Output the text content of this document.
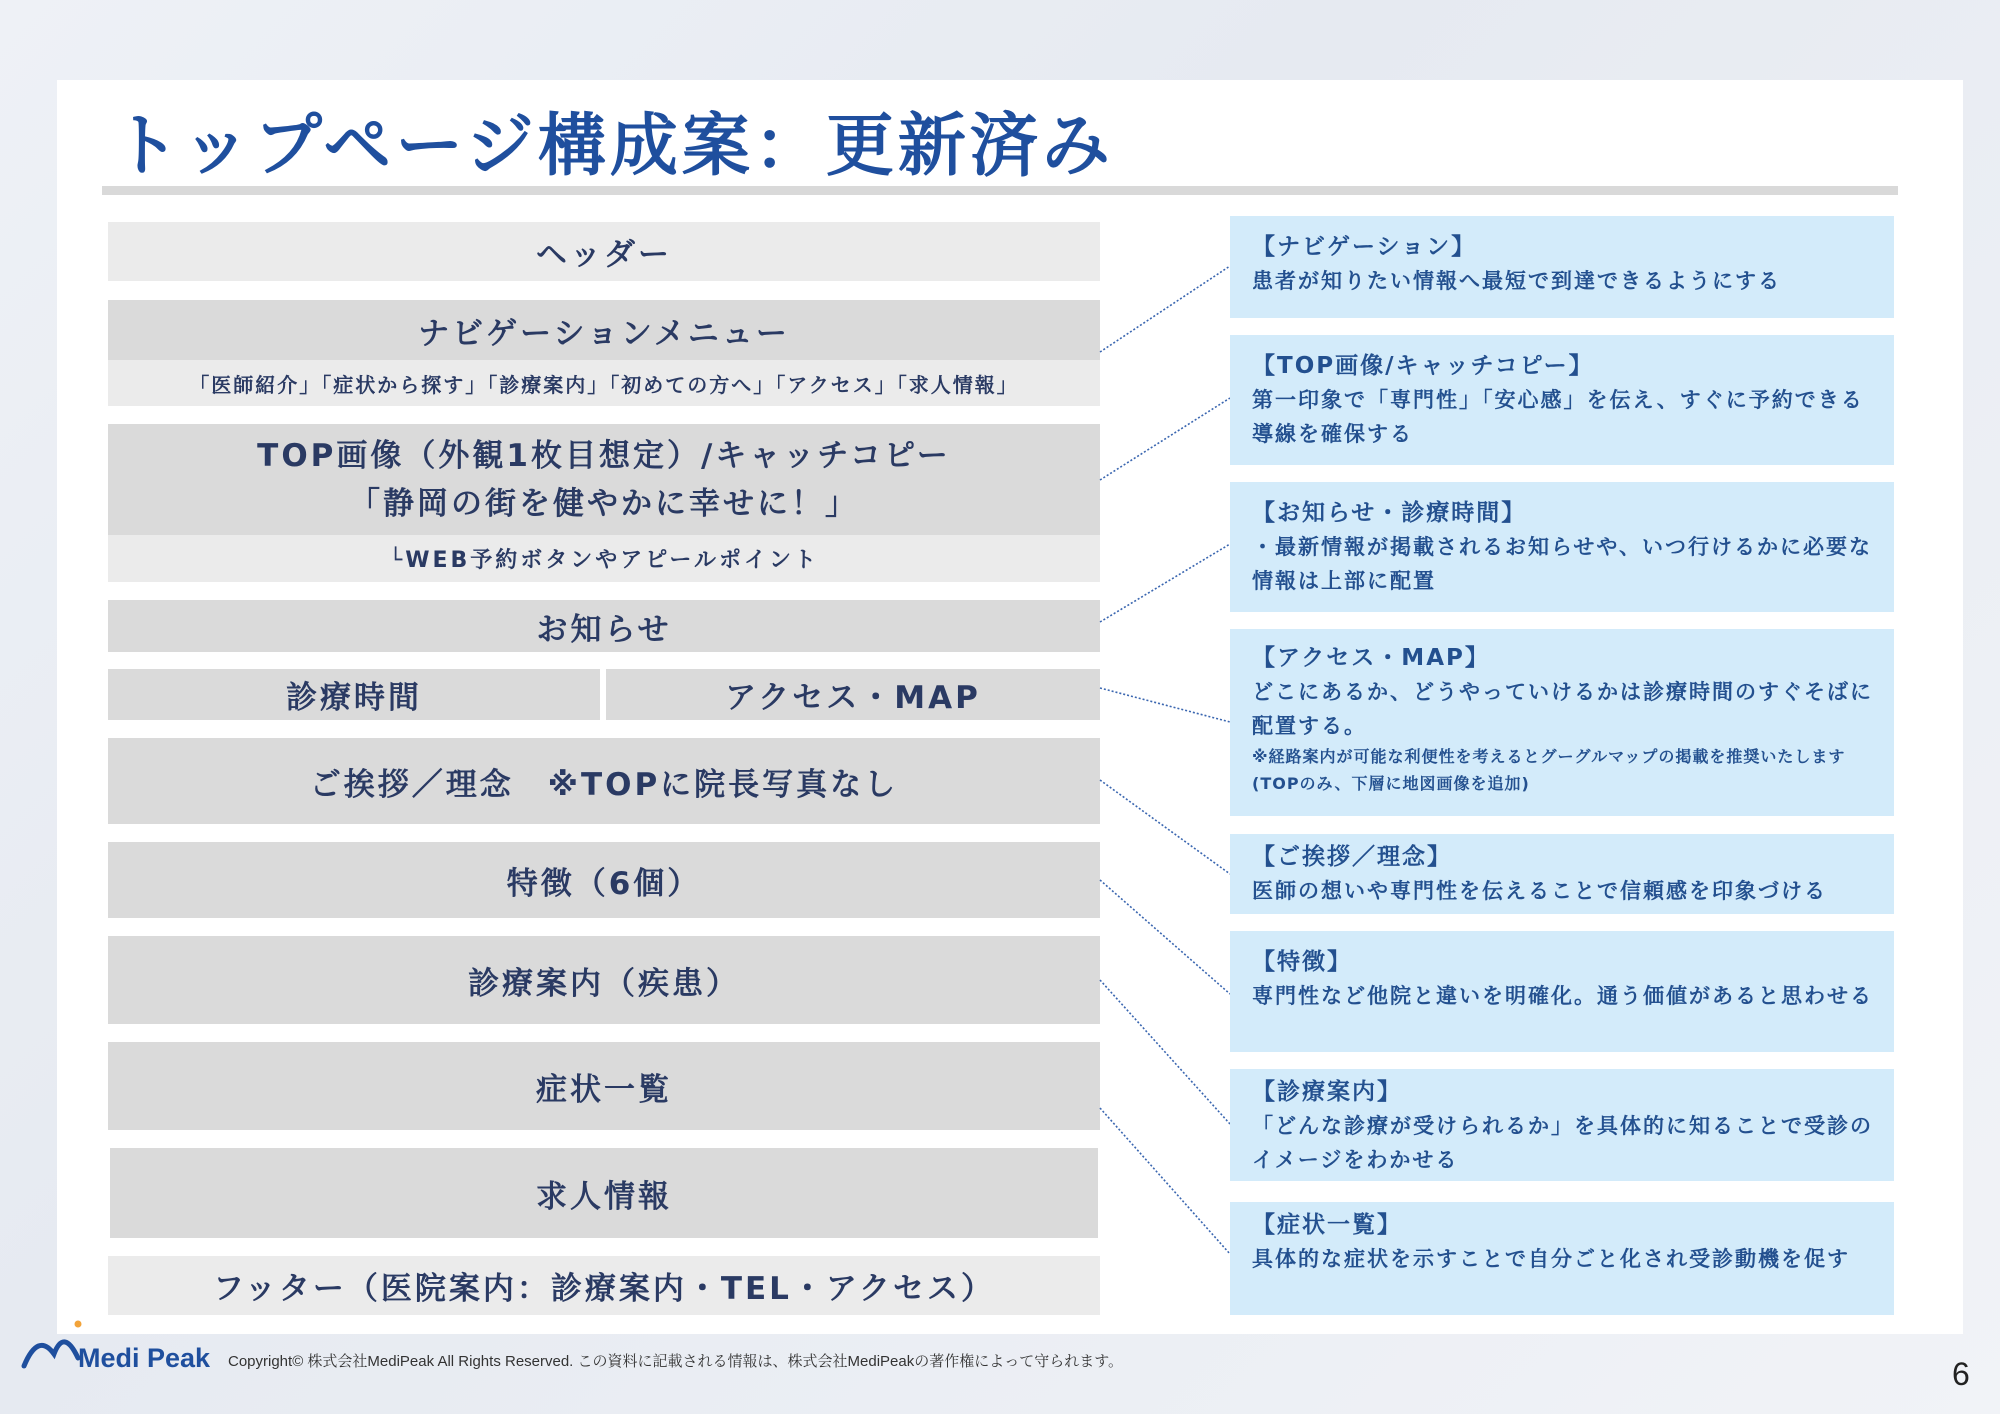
トップページ構成案：更新済み
ヘッダー
ナビゲーションメニュー
「医師紹介」「症状から探す」「診療案内」「初めての方へ」「アクセス」「求人情報」
TOP画像（外観1枚目想定）/キャッチコピー
「静岡の街を健やかに幸せに！」
└WEB予約ボタンやアピールポイント
お知らせ
診療時間	アクセス・MAP
ご挨拶／理念　※TOPに院長写真なし
特徴（6個）
診療案内（疾患）
症状一覧
求人情報
フッター（医院案内：診療案内・TEL・アクセス）
【ナビゲーション】
患者が知りたい情報へ最短で到達できるようにする
【TOP画像/キャッチコピー】
第一印象で「専門性」「安心感」を伝え、すぐに予約できる導線を確保する
【お知らせ・診療時間】
・最新情報が掲載されるお知らせや、いつ行けるかに必要な情報は上部に配置
【アクセス・MAP】
どこにあるか、どうやっていけるかは診療時間のすぐそばに配置する。
※経路案内が可能な利便性を考えるとグーグルマップの掲載を推奨いたします(TOPのみ、下層に地図画像を追加)
【ご挨拶／理念】
医師の想いや専門性を伝えることで信頼感を印象づける
【特徴】
専門性など他院と違いを明確化。通う価値があると思わせる
【診療案内】
「どんな診療が受けられるか」を具体的に知ることで受診のイメージをわかせる
【症状一覧】
具体的な症状を示すことで自分ごと化され受診動機を促す
Medi Peak Copyright© 株式会社MediPeak All Rights Reserved. この資料に記載される情報は、株式会社MediPeakの著作権によって守られます。	6
